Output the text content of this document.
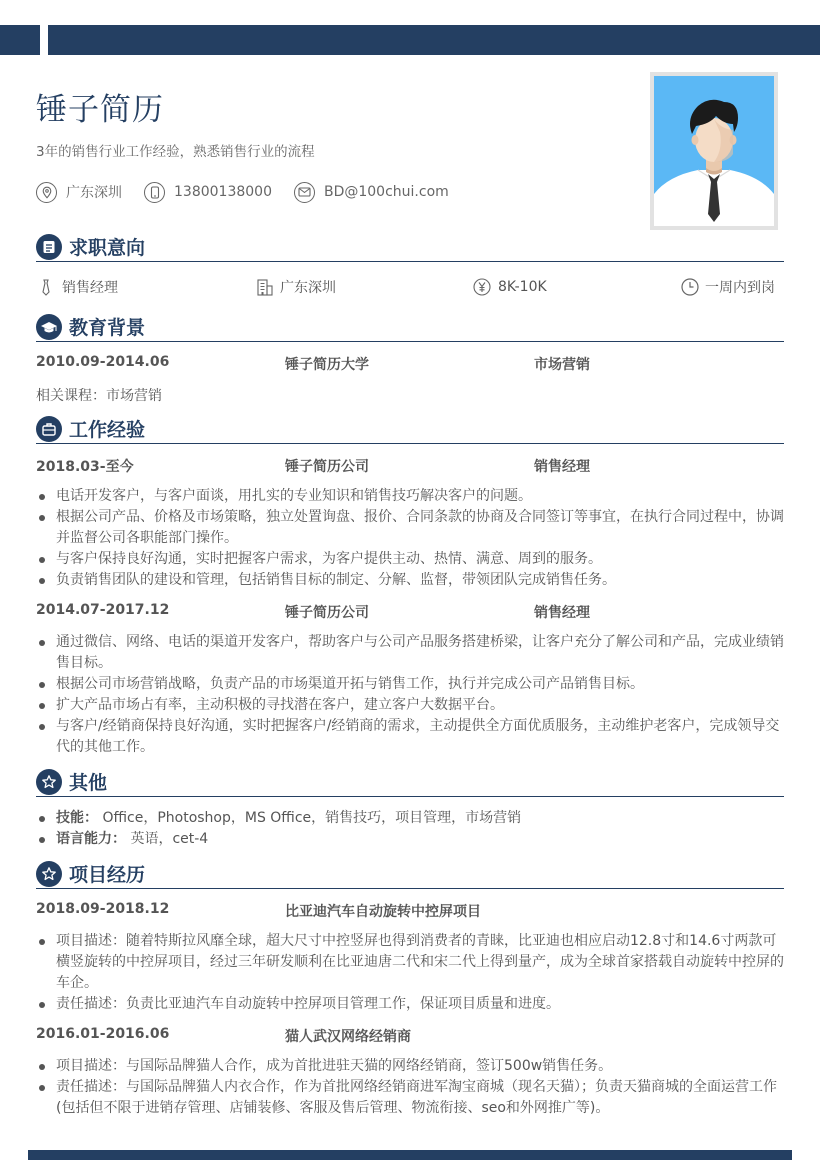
锤子简历
3年的销售行业工作经验，熟悉销售行业的流程
广东深圳	13800138000	BD@100chui.com
求职意向
销售经理	广东深圳	8K-10K	一周内到岗
教育背景
2010.09-2014.06	锤子简历大学	市场营销
相关课程：市场营销
工作经验
2018.03-至今	锤子简历公司	销售经理
电话开发客户，与客户面谈，用扎实的专业知识和销售技巧解决客户的问题。
根据公司产品、价格及市场策略，独立处置询盘、报价、合同条款的协商及合同签订等事宜，在执行合同过程中，协调并监督公司各职能部门操作。
与客户保持良好沟通，实时把握客户需求，为客户提供主动、热情、满意、周到的服务。
负责销售团队的建设和管理，包括销售目标的制定、分解、监督，带领团队完成销售任务。
2014.07-2017.12	锤子简历公司	销售经理
通过微信、网络、电话的渠道开发客户，帮助客户与公司产品服务搭建桥梁，让客户充分了解公司和产品，完成业绩销售目标。
根据公司市场营销战略，负责产品的市场渠道开拓与销售工作，执行并完成公司产品销售目标。
扩大产品市场占有率，主动积极的寻找潜在客户，建立客户大数据平台。
与客户/经销商保持良好沟通，实时把握客户/经销商的需求，主动提供全方面优质服务，主动维护老客户，完成领导交代的其他工作。
其他
技能： Office，Photoshop，MS Office，销售技巧，项目管理，市场营销
语言能力： 英语，cet-4
项目经历
2018.09-2018.12	比亚迪汽车自动旋转中控屏项目
项目描述：随着特斯拉风靡全球，超大尺寸中控竖屏也得到消费者的青睐，比亚迪也相应启动12.8寸和14.6寸两款可横竖旋转的中控屏项目，经过三年研发顺利在比亚迪唐二代和宋二代上得到量产，成为全球首家搭载自动旋转中控屏的车企。
责任描述：负责比亚迪汽车自动旋转中控屏项目管理工作，保证项目质量和进度。
2016.01-2016.06	猫人武汉网络经销商
项目描述：与国际品牌猫人合作，成为首批进驻天猫的网络经销商，签订500w销售任务。
责任描述：与国际品牌猫人内衣合作，作为首批网络经销商进军淘宝商城（现名天猫）；负责天猫商城的全面运营工作(包括但不限于进销存管理、店铺装修、客服及售后管理、物流衔接、seo和外网推广等)。
